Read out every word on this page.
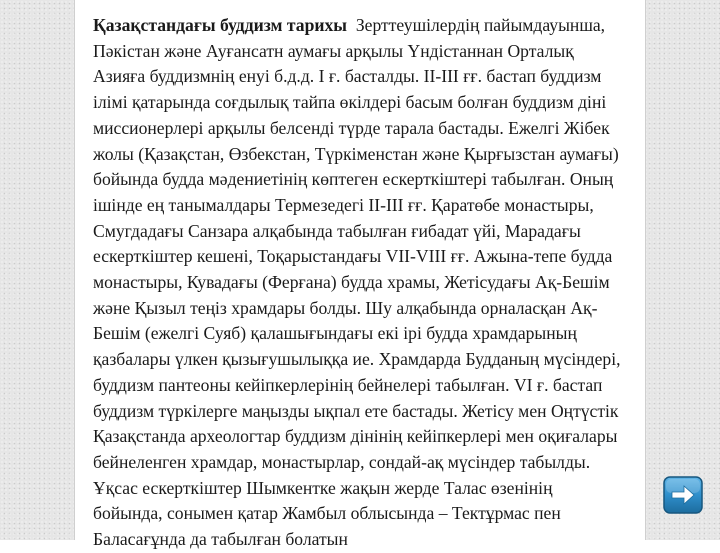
Қазақстандағы буддизм тарихы Зерттеушілердің пайымдауынша, Пәкістан және Ауғансатн аумағы арқылы Үндістаннан Орталық Азияға буддизмнің енуі б.д.д. І ғ. басталды. ІІ-ІІІ ғғ. бастап буддизм ілімі қатарында соғдылық тайпа өкілдері басым болған буддизм діні миссионерлері арқылы белсенді түрде тарала бастады. Ежелгі Жібек жолы (Қазақстан, Өзбекстан, Түркіменстан және Қырғызстан аумағы) бойында будда мәдениетінің көптеген ескерткіштері табылған. Оның ішінде ең танымалдары Термезедегі ІІ-ІІІ ғғ. Қаратөбе монастыры, Смугдадағы Санзара алқабында табылған ғибадат үйі, Марадағы ескерткіштер кешені, Тоқарыстандағы VІІ-VІІІ ғғ. Ажына-тепе будда монастыры, Кувадағы (Ферғана) будда храмы, Жетісудағы Ақ-Бешім және Қызыл теңіз храмдары болды. Шу алқабында орналасқан Ақ-Бешім (ежелгі Суяб) қалашығындағы екі ірі будда храмдарының қазбалары үлкен қызығушылыққа ие. Храмдарда Будданың мүсіндері, буддизм пантеоны кейіпкерлерінің бейнелері табылған. VІ ғ. бастап буддизм түркілерге маңызды ықпал ете бастады. Жетісу мен Оңтүстік Қазақстанда археологтар буддизм дінінің кейіпкерлері мен оқиғалары бейнеленген храмдар, монастырлар, сондай-ақ мүсіндер табылды. Ұқсас ескерткіштер Шымкентке жақын жерде Талас өзенінің бойында, сонымен қатар Жамбыл облысында – Тектұрмас пен Баласағұнда да табылған болатын
